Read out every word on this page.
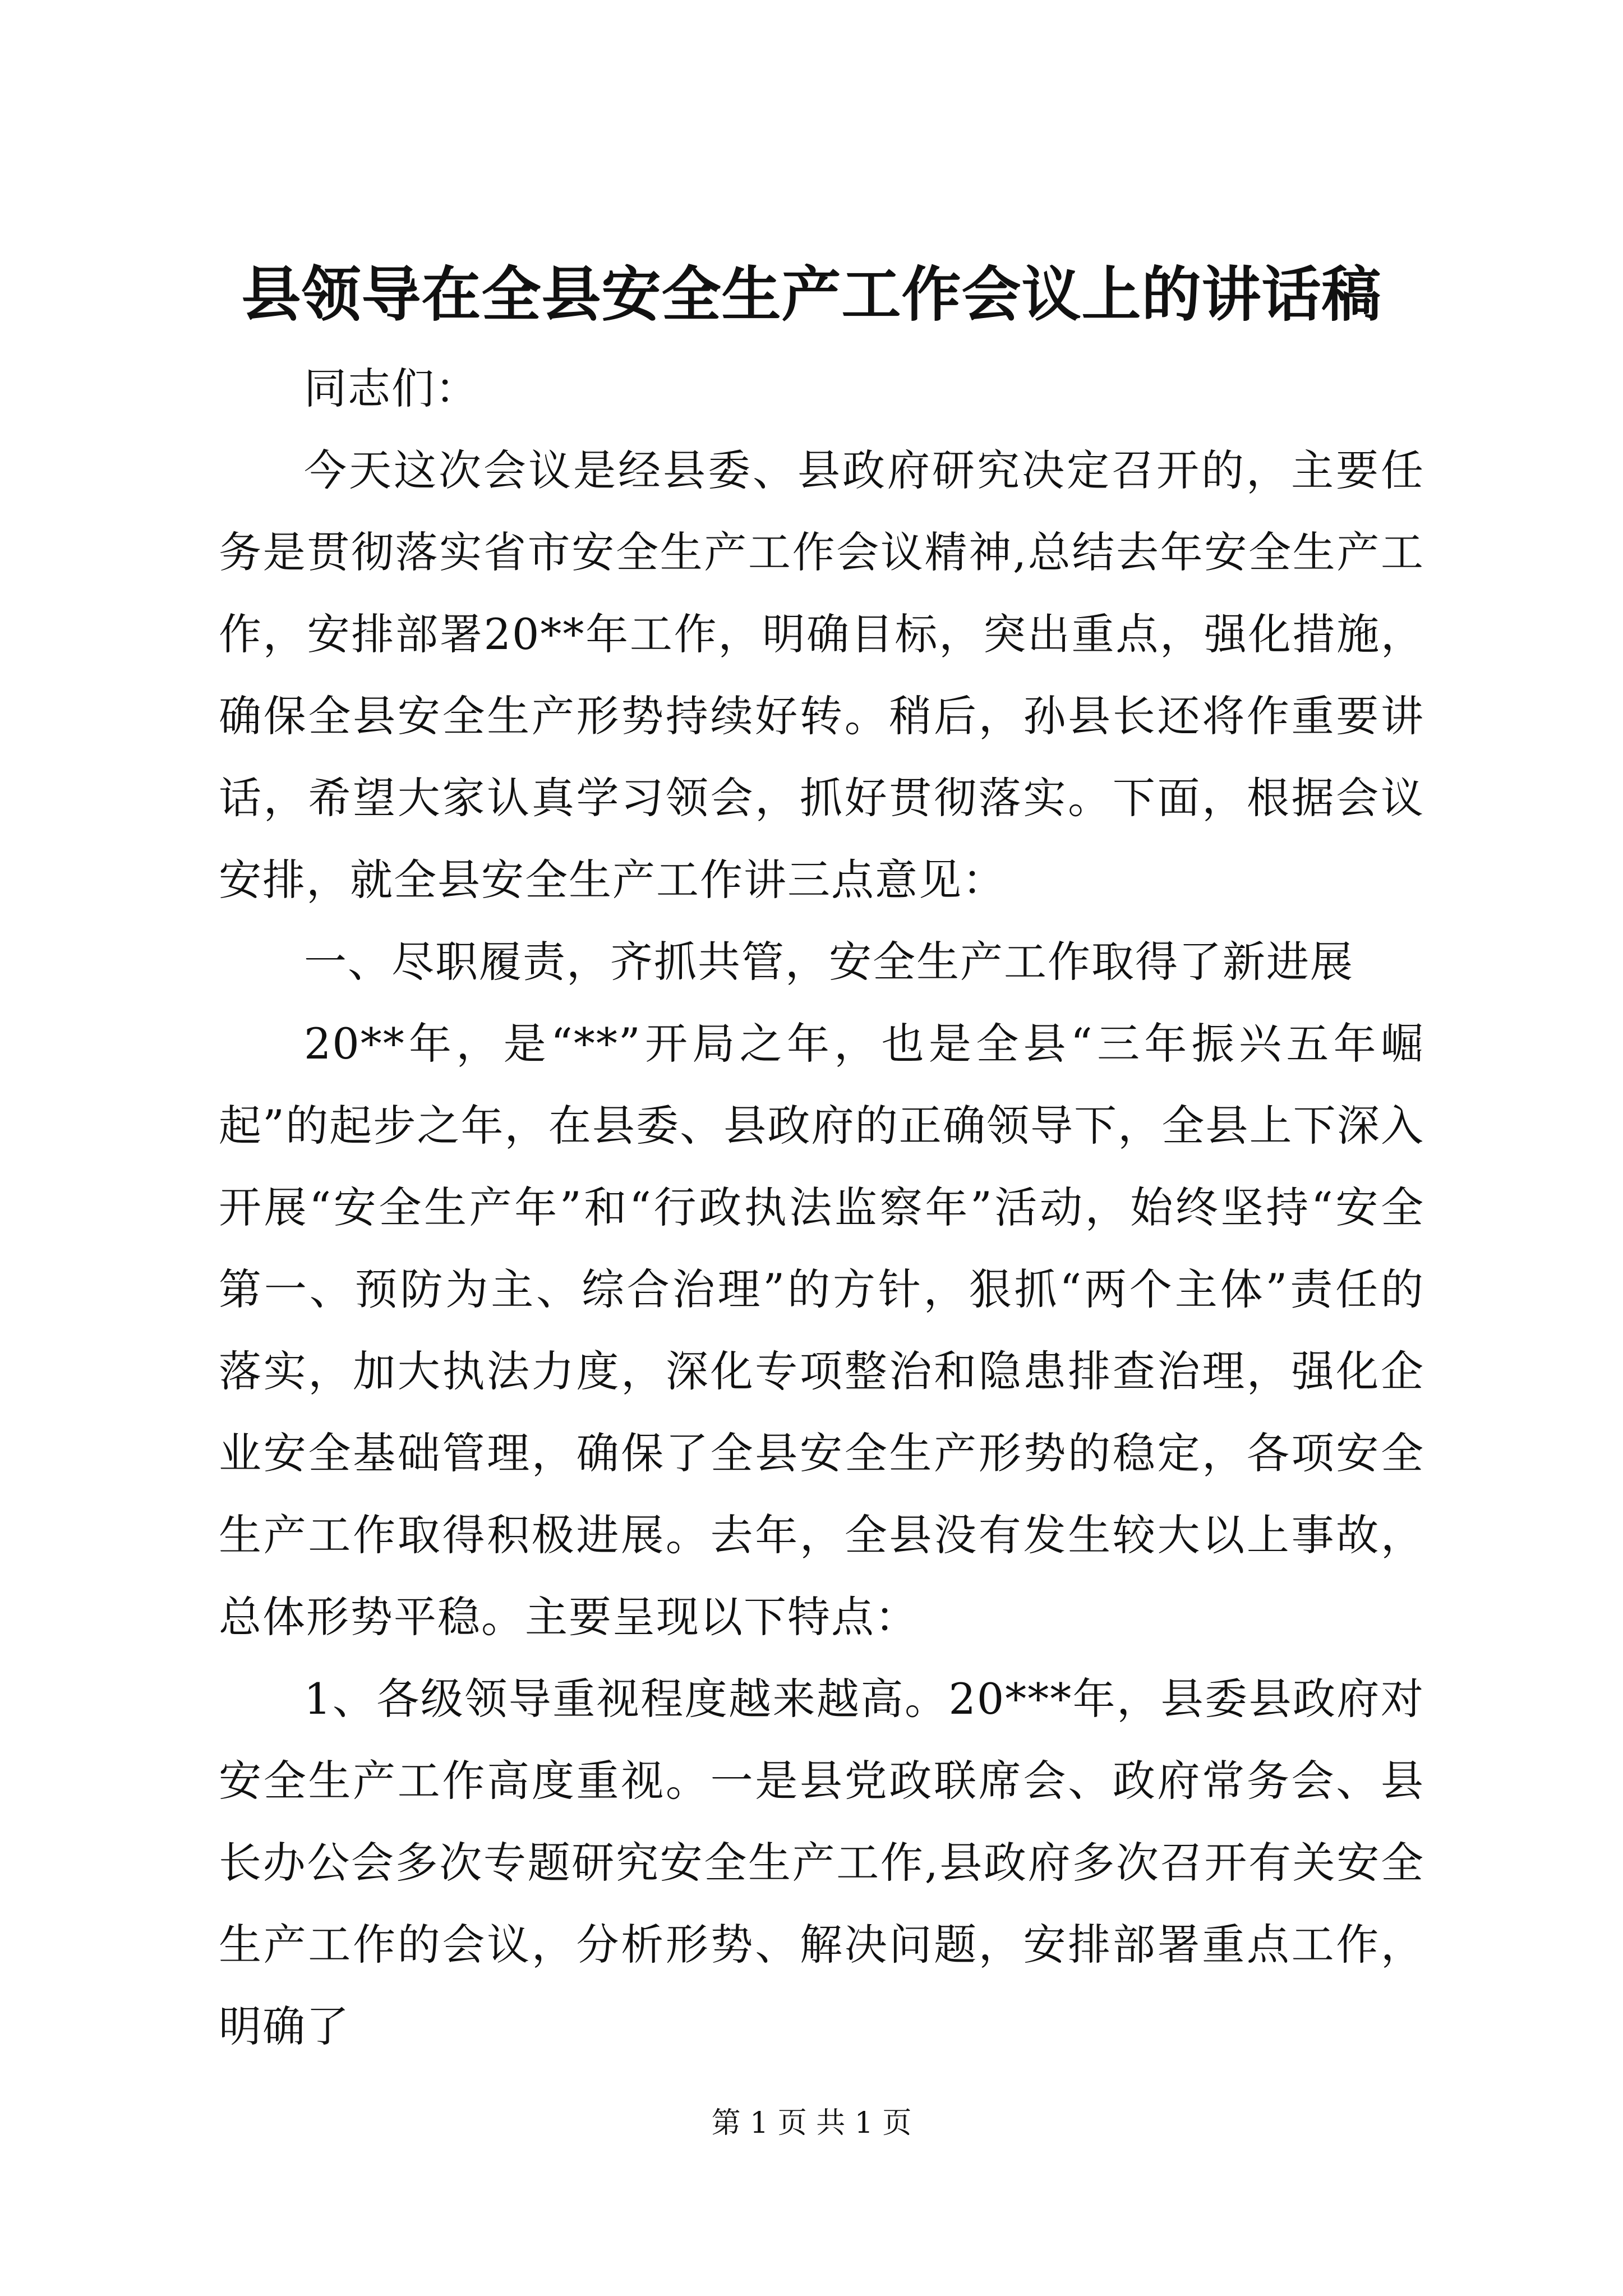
县领导在全县安全生产工作会议上的讲话稿

同志们：

今天这次会议是经县委、县政府研究决定召开的，主要任务是贯彻落实省市安全生产工作会议精神,总结去年安全生产工作，安排部署20**年工作，明确目标，突出重点，强化措施，确保全县安全生产形势持续好转。稍后，孙县长还将作重要讲话，希望大家认真学习领会，抓好贯彻落实。下面，根据会议安排，就全县安全生产工作讲三点意见：

一、尽职履责，齐抓共管，安全生产工作取得了新进展

20**年，是“**”开局之年，也是全县“三年振兴五年崛起”的起步之年，在县委、县政府的正确领导下，全县上下深入开展“安全生产年”和“行政执法监察年”活动，始终坚持“安全第一、预防为主、综合治理”的方针，狠抓“两个主体”责任的落实，加大执法力度，深化专项整治和隐患排查治理，强化企业安全基础管理，确保了全县安全生产形势的稳定，各项安全生产工作取得积极进展。去年，全县没有发生较大以上事故，总体形势平稳。主要呈现以下特点：

1、各级领导重视程度越来越高。20***年，县委县政府对安全生产工作高度重视。一是县党政联席会、政府常务会、县长办公会多次专题研究安全生产工作,县政府多次召开有关安全生产工作的会议，分析形势、解决问题，安排部署重点工作，明确了

第 1 页 共 1 页
